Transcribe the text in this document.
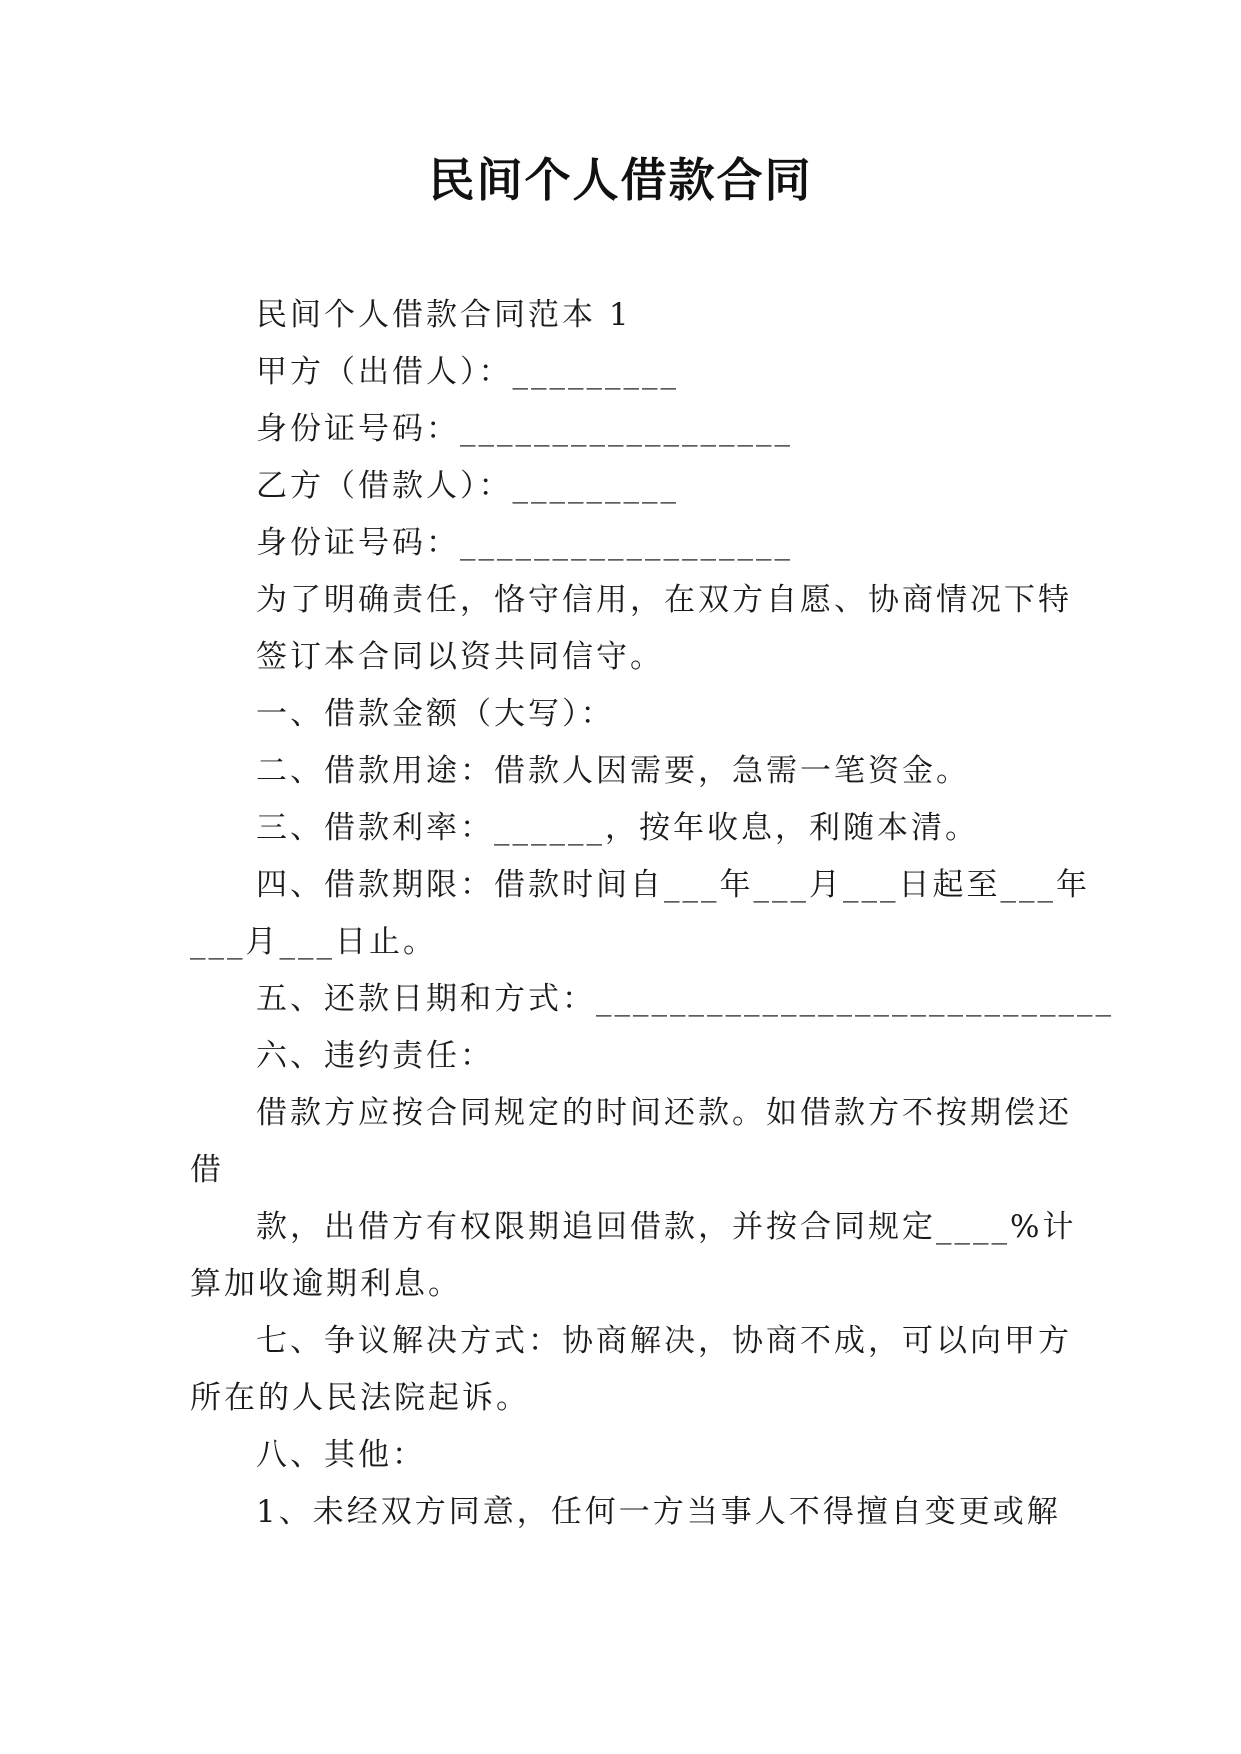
民间个人借款合同
民间个人借款合同范本 1
甲方（出借人）：_________
身份证号码：__________________
乙方（借款人）：_________
身份证号码：__________________
为了明确责任，恪守信用，在双方自愿、协商情况下特
签订本合同以资共同信守。
一、借款金额（大写）：
二、借款用途：借款人因需要，急需一笔资金。
三、借款利率：______，按年收息，利随本清。
四、借款期限：借款时间自___年___月___日起至___年
___月___日止。
五、还款日期和方式：____________________________
六、违约责任：
借款方应按合同规定的时间还款。如借款方不按期偿还
借
款，出借方有权限期追回借款，并按合同规定____%计
算加收逾期利息。
七、争议解决方式：协商解决，协商不成，可以向甲方
所在的人民法院起诉。
八、其他：
1、未经双方同意，任何一方当事人不得擅自变更或解
